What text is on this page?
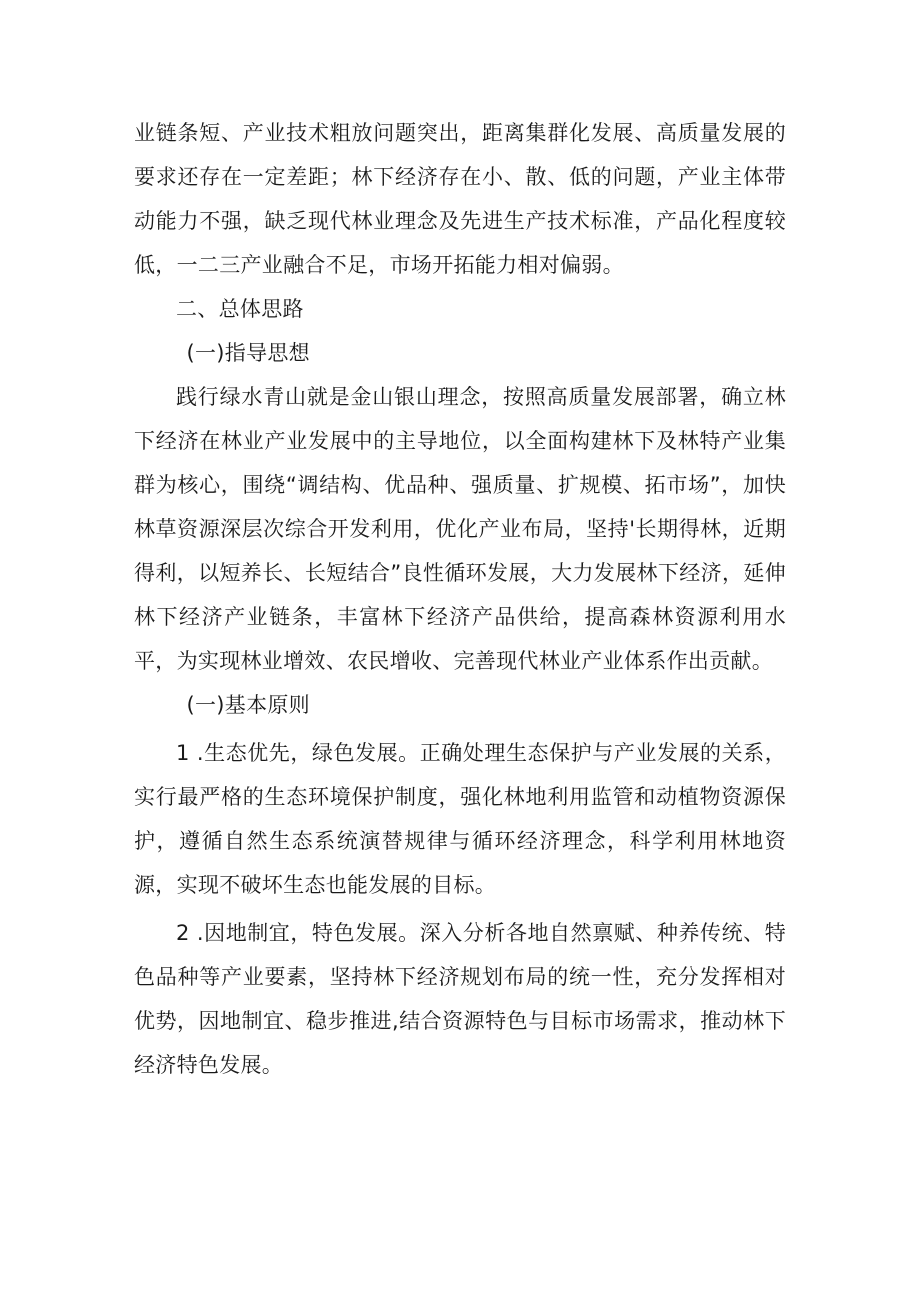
业链条短、产业技术粗放问题突出，距离集群化发展、高质量发展的要求还存在一定差距；林下经济存在小、散、低的问题，产业主体带动能力不强，缺乏现代林业理念及先进生产技术标准，产品化程度较低，一二三产业融合不足，市场开拓能力相对偏弱。

二、总体思路

(一)指导思想

践行绿水青山就是金山银山理念，按照高质量发展部署，确立林下经济在林业产业发展中的主导地位，以全面构建林下及林特产业集群为核心，围绕“调结构、优品种、强质量、扩规模、拓市场”，加快林草资源深层次综合开发利用，优化产业布局，坚持'长期得林，近期得利，以短养长、长短结合”良性循环发展，大力发展林下经济，延伸林下经济产业链条，丰富林下经济产品供给，提高森林资源利用水平，为实现林业增效、农民增收、完善现代林业产业体系作出贡献。

(一)基本原则

1 .生态优先，绿色发展。正确处理生态保护与产业发展的关系，实行最严格的生态环境保护制度，强化林地利用监管和动植物资源保护，遵循自然生态系统演替规律与循环经济理念，科学利用林地资源，实现不破坏生态也能发展的目标。

2 .因地制宜，特色发展。深入分析各地自然禀赋、种养传统、特色品种等产业要素，坚持林下经济规划布局的统一性，充分发挥相对优势，因地制宜、稳步推进,结合资源特色与目标市场需求，推动林下经济特色发展。
